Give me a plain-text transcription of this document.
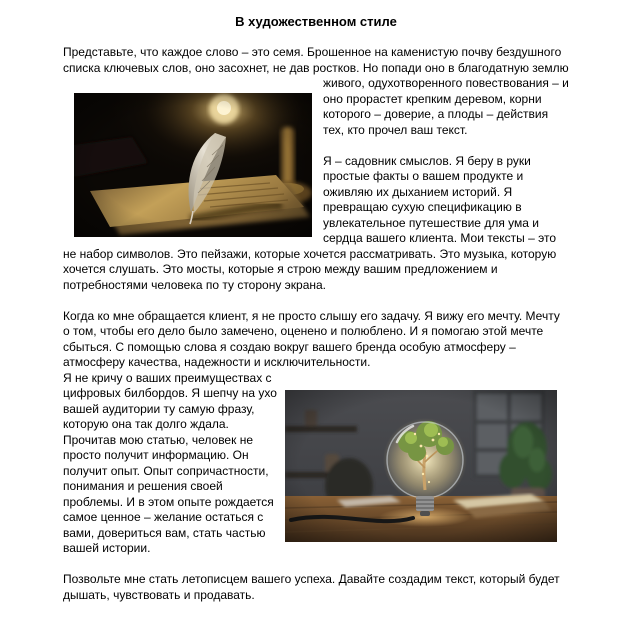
В художественном стиле

Представьте, что каждое слово – это семя. Брошенное на каменистую почву бездушного списка ключевых слов, оно засохнет, не дав ростков. Но попади оно в благодатную землю живого, одухотворенного повествования – и оно прорастет крепким деревом, корни которого – доверие, а плоды – действия тех, кто прочел ваш текст.

Я – садовник смыслов. Я беру в руки простые факты о вашем продукте и оживляю их дыханием историй. Я превращаю сухую спецификацию в увлекательное путешествие для ума и сердца вашего клиента. Мои тексты – это не набор символов. Это пейзажи, которые хочется рассматривать. Это музыка, которую хочется слушать. Это мосты, которые я строю между вашим предложением и потребностями человека по ту сторону экрана.

Когда ко мне обращается клиент, я не просто слышу его задачу. Я вижу его мечту. Мечту о том, чтобы его дело было замечено, оценено и полюблено. И я помогаю этой мечте сбыться. С помощью слова я создаю вокруг вашего бренда особую атмосферу – атмосферу качества, надежности и исключительности.

Я не кричу о ваших преимуществах с цифровых билбордов. Я шепчу на ухо вашей аудитории ту самую фразу, которую она так долго ждала. Прочитав мою статью, человек не просто получит информацию. Он получит опыт. Опыт сопричастности, понимания и решения своей проблемы. И в этом опыте рождается самое ценное – желание остаться с вами, довериться вам, стать частью вашей истории.

Позвольте мне стать летописцем вашего успеха. Давайте создадим текст, который будет дышать, чувствовать и продавать.
